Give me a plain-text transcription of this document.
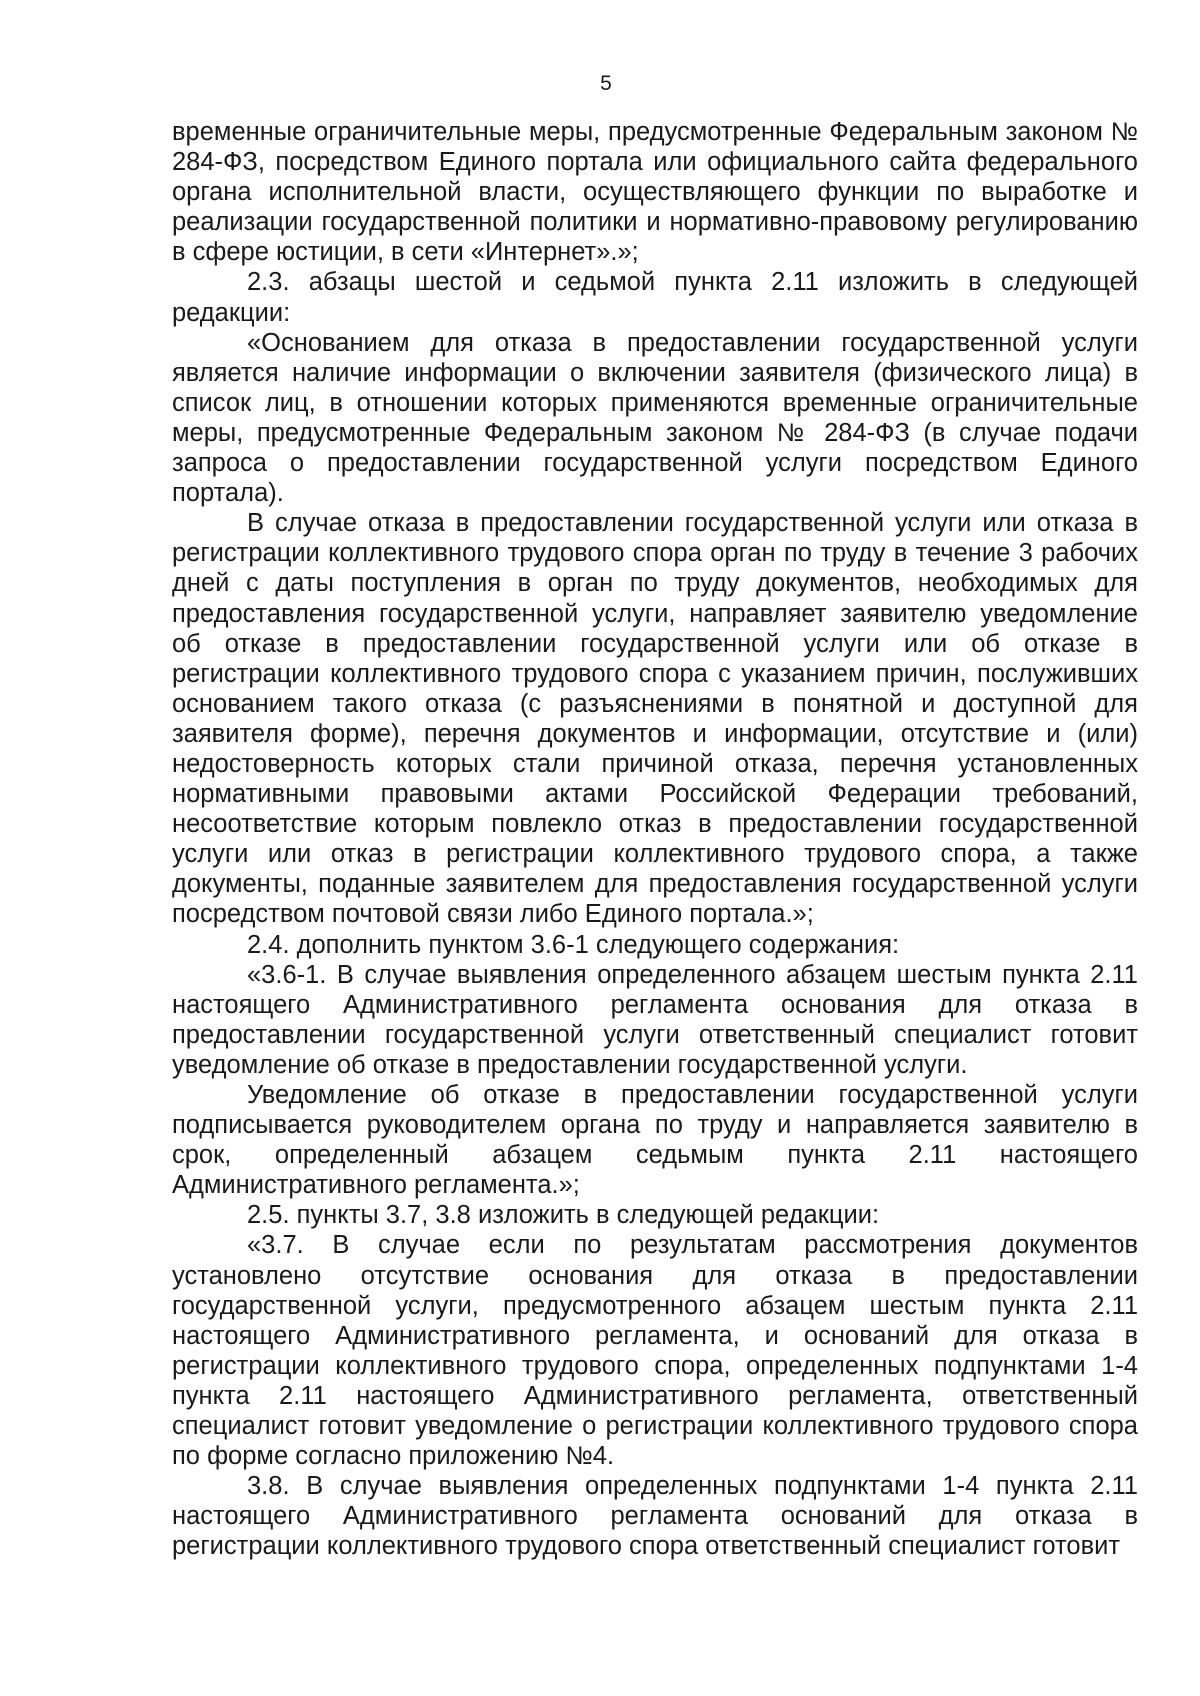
5

временные ограничительные меры, предусмотренные Федеральным законом № 284-ФЗ, посредством Единого портала или официального сайта федерального органа исполнительной власти, осуществляющего функции по выработке и реализации государственной политики и нормативно-правовому регулированию в сфере юстиции, в сети «Интернет».»;

2.3. абзацы шестой и седьмой пункта 2.11 изложить в следующей редакции:

«Основанием для отказа в предоставлении государственной услуги является наличие информации о включении заявителя (физического лица) в список лиц, в отношении которых применяются временные ограничительные меры, предусмотренные Федеральным законом № 284-ФЗ (в случае подачи запроса о предоставлении государственной услуги посредством Единого портала).

В случае отказа в предоставлении государственной услуги или отказа в регистрации коллективного трудового спора орган по труду в течение 3 рабочих дней с даты поступления в орган по труду документов, необходимых для предоставления государственной услуги, направляет заявителю уведомление об отказе в предоставлении государственной услуги или об отказе в регистрации коллективного трудового спора с указанием причин, послуживших основанием такого отказа (с разъяснениями в понятной и доступной для заявителя форме), перечня документов и информации, отсутствие и (или) недостоверность которых стали причиной отказа, перечня установленных нормативными правовыми актами Российской Федерации требований, несоответствие которым повлекло отказ в предоставлении государственной услуги или отказ в регистрации коллективного трудового спора, а также документы, поданные заявителем для предоставления государственной услуги посредством почтовой связи либо Единого портала.»;

2.4. дополнить пунктом 3.6-1 следующего содержания:

«3.6-1. В случае выявления определенного абзацем шестым пункта 2.11 настоящего Административного регламента основания для отказа в предоставлении государственной услуги ответственный специалист готовит уведомление об отказе в предоставлении государственной услуги.

Уведомление об отказе в предоставлении государственной услуги подписывается руководителем органа по труду и направляется заявителю в срок, определенный абзацем седьмым пункта 2.11 настоящего Административного регламента.»;

2.5. пункты 3.7, 3.8 изложить в следующей редакции:

«3.7. В случае если по результатам рассмотрения документов установлено отсутствие основания для отказа в предоставлении государственной услуги, предусмотренного абзацем шестым пункта 2.11 настоящего Административного регламента, и оснований для отказа в регистрации коллективного трудового спора, определенных подпунктами 1-4 пункта 2.11 настоящего Административного регламента, ответственный специалист готовит уведомление о регистрации коллективного трудового спора по форме согласно приложению №4.

3.8. В случае выявления определенных подпунктами 1-4 пункта 2.11 настоящего Административного регламента оснований для отказа в регистрации коллективного трудового спора ответственный специалист готовит
